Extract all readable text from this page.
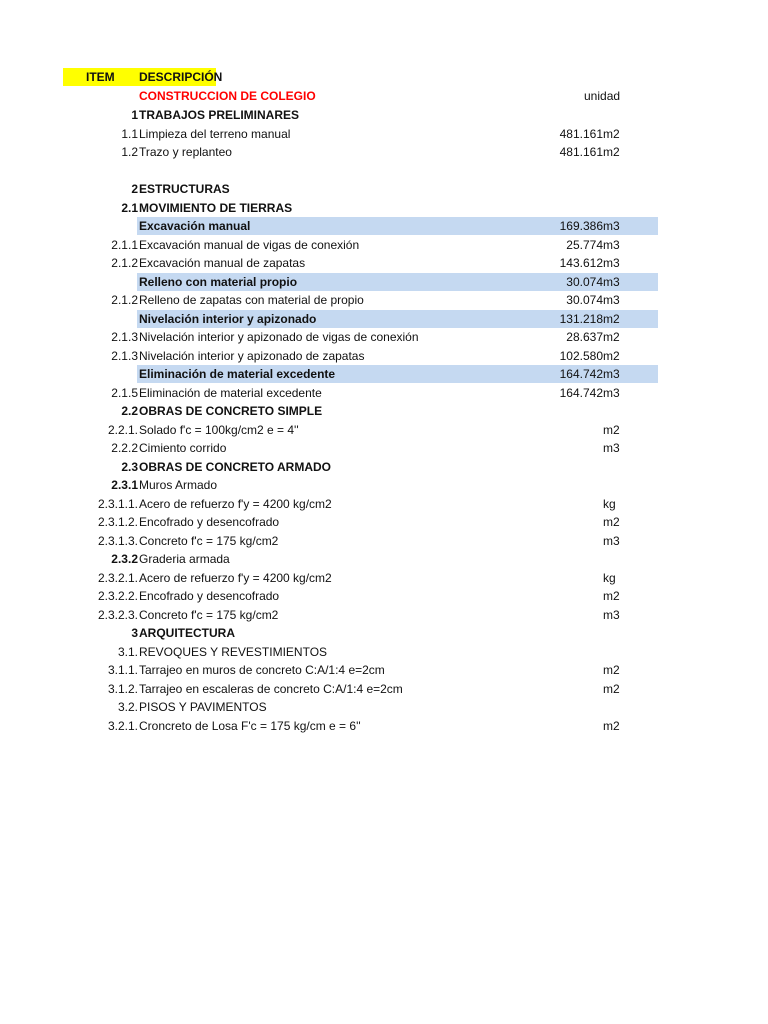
ITEM DESCRIPCIÓN
CONSTRUCCION DE COLEGIO	unidad
1 TRABAJOS PRELIMINARES
1.1 Limpieza del terreno manual	481.161 m2
1.2 Trazo y replanteo	481.161 m2
2 ESTRUCTURAS
2.1 MOVIMIENTO DE TIERRAS
Excavación manual	169.386 m3
2.1.1 Excavación manual de vigas de conexión	25.774 m3
2.1.2 Excavación manual de zapatas	143.612 m3
Relleno con material propio	30.074 m3
2.1.2 Relleno de zapatas con material de propio	30.074 m3
Nivelación interior y apizonado	131.218 m2
2.1.3 Nivelación interior y apizonado de vigas de conexión	28.637 m2
2.1.3 Nivelación interior y apizonado de zapatas	102.580 m2
Eliminación de material excedente	164.742 m3
2.1.5 Eliminación de material excedente	164.742 m3
2.2 OBRAS DE CONCRETO SIMPLE
2.2.1. Solado f'c = 100kg/cm2 e = 4''	m2
2.2.2 Cimiento corrido	m3
2.3 OBRAS DE CONCRETO ARMADO
2.3.1 Muros Armado
2.3.1.1. Acero de refuerzo f'y = 4200 kg/cm2	kg
2.3.1.2. Encofrado y desencofrado	m2
2.3.1.3. Concreto f'c = 175 kg/cm2	m3
2.3.2 Graderia armada
2.3.2.1. Acero de refuerzo f'y = 4200 kg/cm2	kg
2.3.2.2. Encofrado y desencofrado	m2
2.3.2.3. Concreto f'c = 175 kg/cm2	m3
3 ARQUITECTURA
3.1. REVOQUES Y REVESTIMIENTOS
3.1.1. Tarrajeo en muros de concreto C:A/1:4 e=2cm	m2
3.1.2. Tarrajeo en escaleras de concreto C:A/1:4 e=2cm	m2
3.2. PISOS Y PAVIMENTOS
3.2.1. Croncreto de Losa F'c = 175 kg/cm e = 6''	m2
